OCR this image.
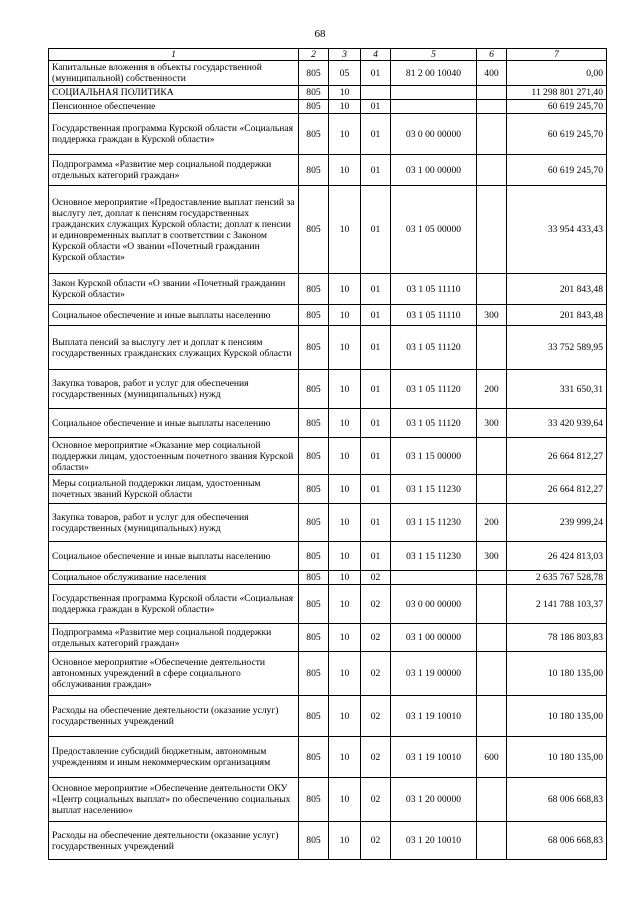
68
1	2	3	4	5	6	7
Капитальные вложения в объекты государственной (муниципальной) собственности	805	05	01	81 2 00 10040	400	0,00
СОЦИАЛЬНАЯ ПОЛИТИКА	805	10				11 298 801 271,40
Пенсионное обеспечение	805	10	01			60 619 245,70
Государственная программа Курской области «Социальная поддержка граждан в Курской области»	805	10	01	03 0 00 00000		60 619 245,70
Подпрограмма «Развитие мер социальной поддержки отдельных категорий граждан»	805	10	01	03 1 00 00000		60 619 245,70
Основное мероприятие «Предоставление выплат пенсий за выслугу лет, доплат к пенсиям государственных гражданских служащих Курской области; доплат к пенсии и единовременных выплат в соответствии с Законом Курской области «О звании «Почетный гражданин Курской области»	805	10	01	03 1 05 00000		33 954 433,43
Закон Курской области «О звании «Почетный гражданин Курской области»	805	10	01	03 1 05 11110		201 843,48
Социальное обеспечение и иные выплаты населению	805	10	01	03 1 05 11110	300	201 843,48
Выплата пенсий за выслугу лет и доплат к пенсиям государственных гражданских служащих Курской области	805	10	01	03 1 05 11120		33 752 589,95
Закупка товаров, работ и услуг для обеспечения государственных (муниципальных) нужд	805	10	01	03 1 05 11120	200	331 650,31
Социальное обеспечение и иные выплаты населению	805	10	01	03 1 05 11120	300	33 420 939,64
Основное мероприятие «Оказание мер социальной поддержки лицам, удостоенным почетного звания Курской области»	805	10	01	03 1 15 00000		26 664 812,27
Меры социальной поддержки лицам, удостоенным почетных званий Курской области	805	10	01	03 1 15 11230		26 664 812,27
Закупка товаров, работ и услуг для обеспечения государственных (муниципальных) нужд	805	10	01	03 1 15 11230	200	239 999,24
Социальное обеспечение и иные выплаты населению	805	10	01	03 1 15 11230	300	26 424 813,03
Социальное обслуживание населения	805	10	02			2 635 767 528,78
Государственная программа Курской области «Социальная поддержка граждан в Курской области»	805	10	02	03 0 00 00000		2 141 788 103,37
Подпрограмма «Развитие мер социальной поддержки отдельных категорий граждан»	805	10	02	03 1 00 00000		78 186 803,83
Основное мероприятие «Обеспечение деятельности автономных учреждений в сфере социального обслуживания граждан»	805	10	02	03 1 19 00000		10 180 135,00
Расходы на обеспечение деятельности (оказание услуг) государственных учреждений	805	10	02	03 1 19 10010		10 180 135,00
Предоставление субсидий бюджетным, автономным учреждениям и иным некоммерческим организациям	805	10	02	03 1 19 10010	600	10 180 135,00
Основное мероприятие «Обеспечение деятельности ОКУ «Центр социальных выплат» по обеспечению социальных выплат населению»	805	10	02	03 1 20 00000		68 006 668,83
Расходы на обеспечение деятельности (оказание услуг) государственных учреждений	805	10	02	03 1 20 10010		68 006 668,83
